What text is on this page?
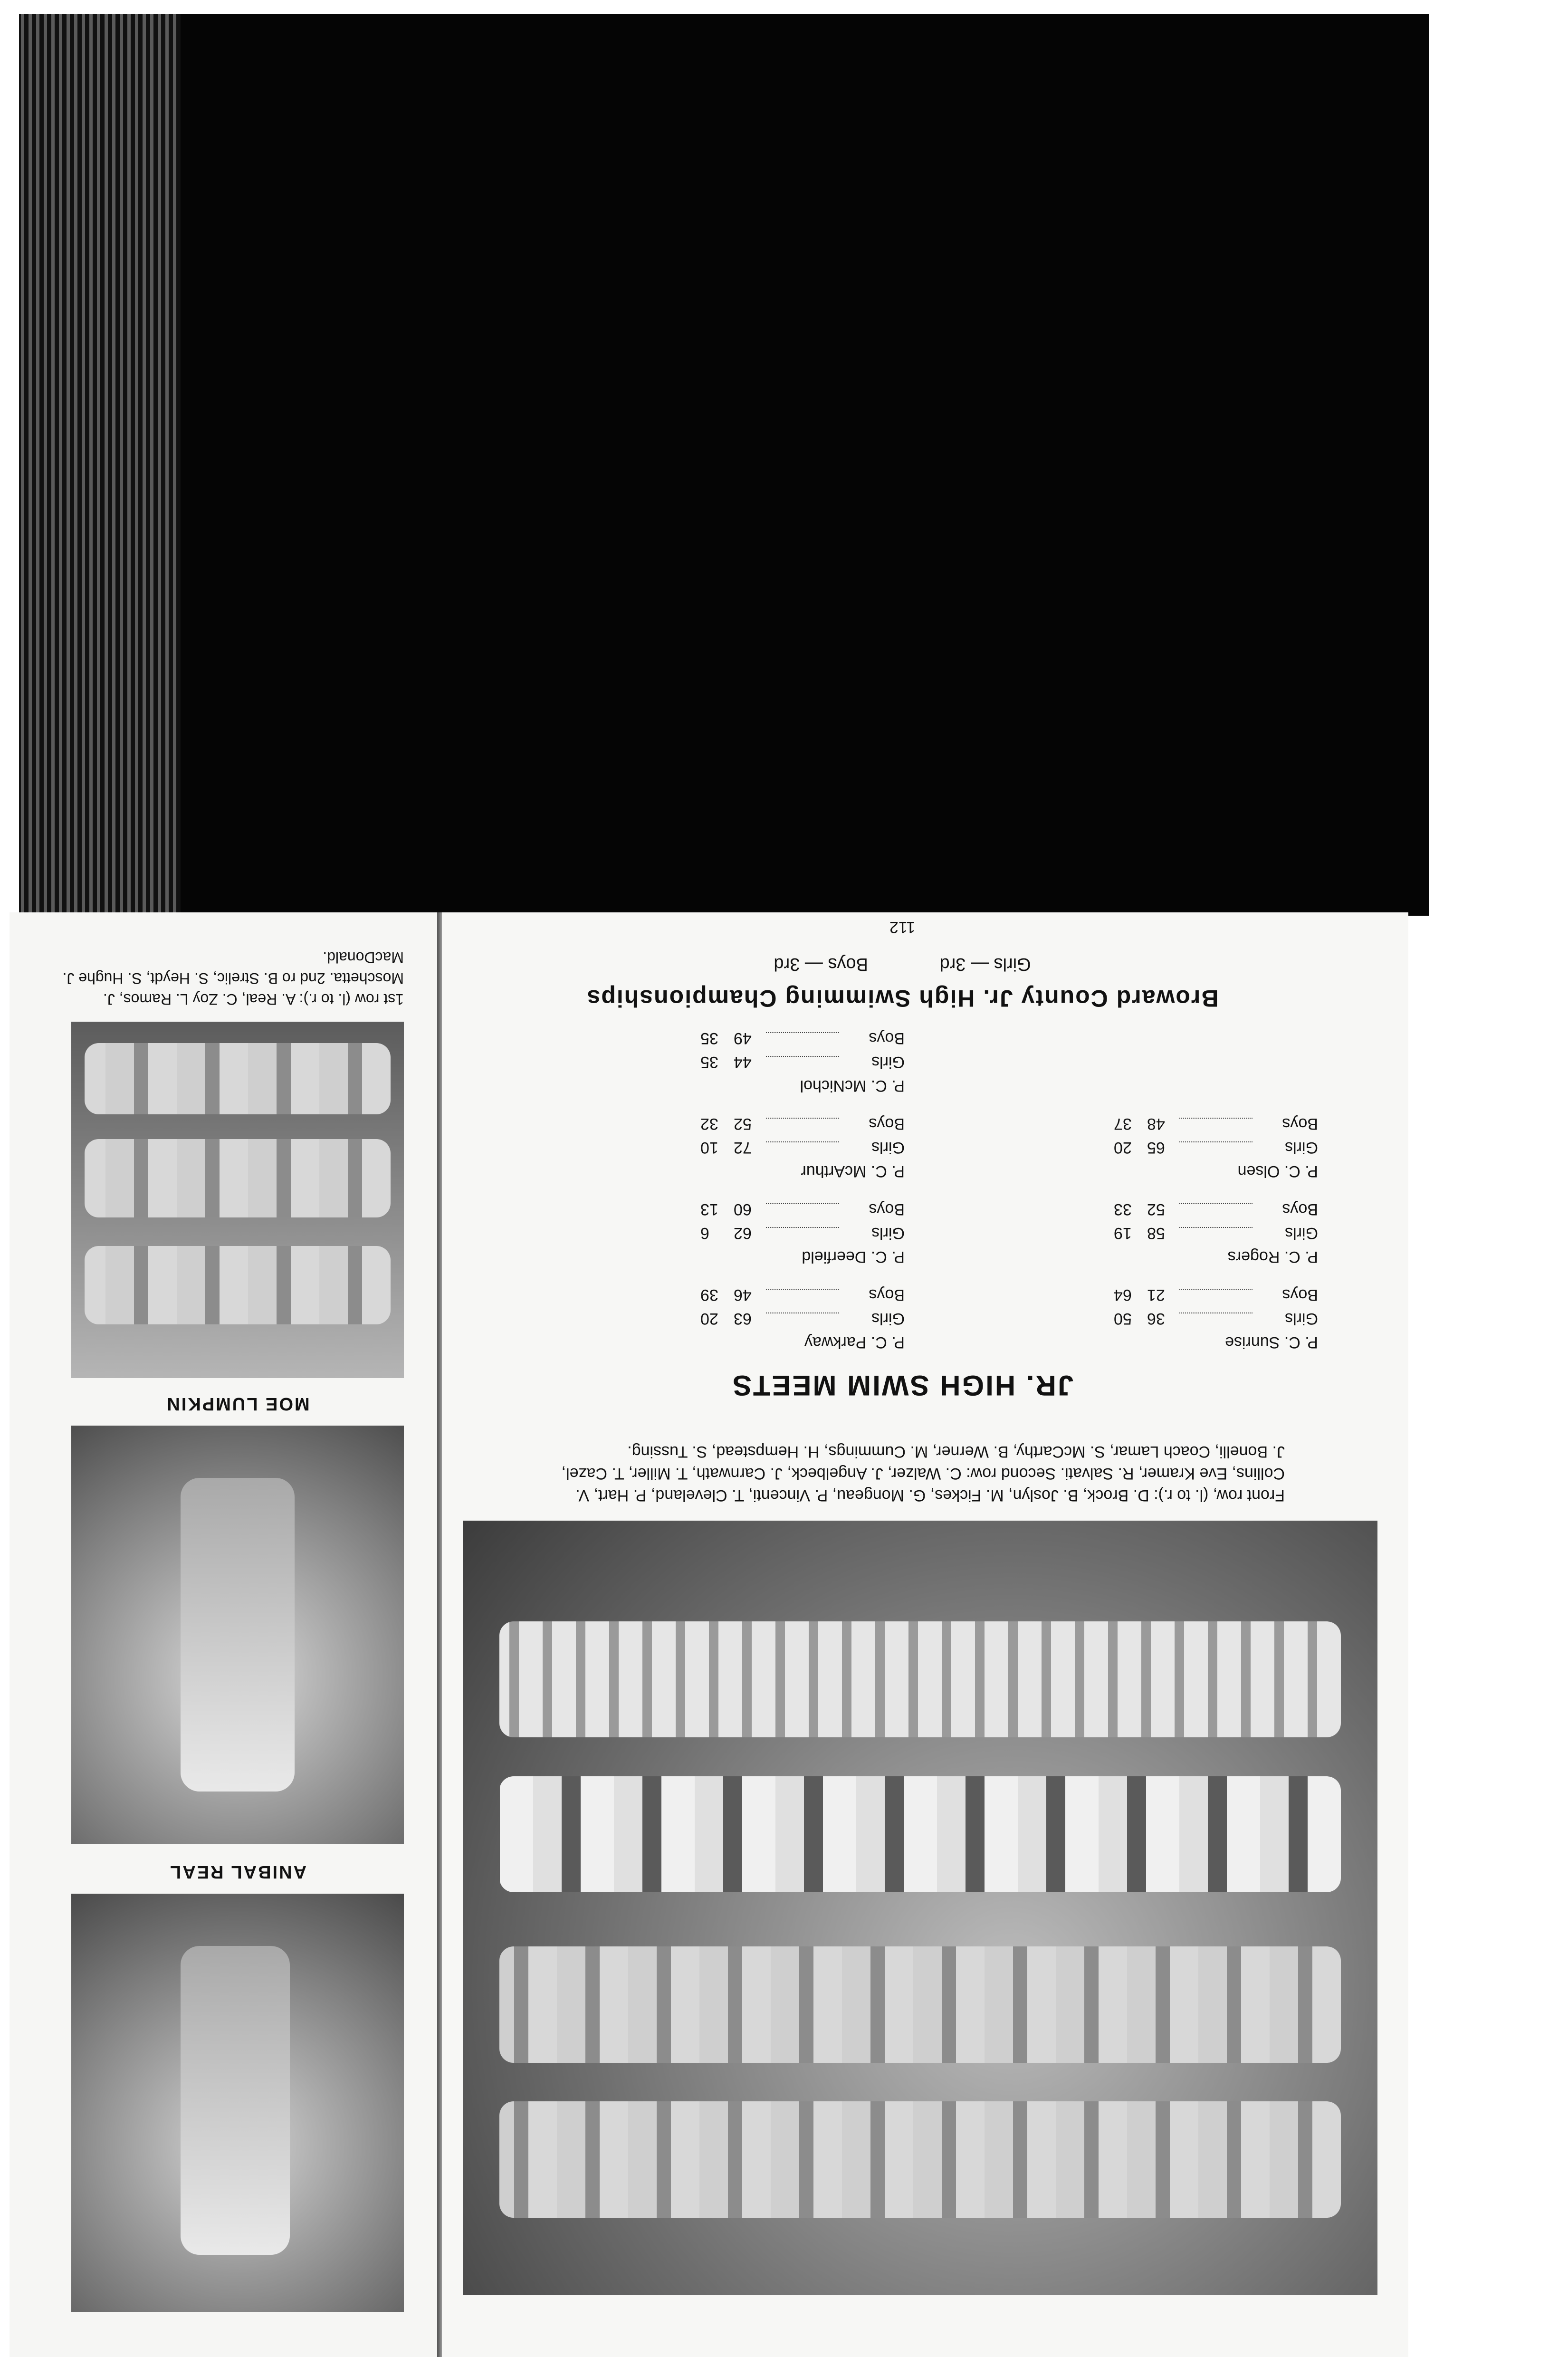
Front row, (l. to r.): D. Brock, B. Joslyn, M. Fickes, G. Mongeau, P. Vincenti, T. Cleveland, P. Hart, V. Collins, Eve Kramer, R. Salvati. Second row: C. Walzer, J. Angelbeck, J. Carnwath, T. Miller, T. Cazel, J. Bonelli, Coach Lamar, S. McCarthy, B. Werner, M. Cummings, H. Hempstead, S. Tussing.
JR. HIGH SWIM MEETS
P. C. Sunrise
Girls
36
50
Boys
21
64
P. C. Rogers
Girls
58
19
Boys
52
33
P. C. Olsen
Girls
65
20
Boys
48
37
P. C. Parkway
Girls
63
20
Boys
46
39
P. C. Deerfield
Girls
62
6
Boys
60
13
P. C. McArthur
Girls
72
10
Boys
52
32
P. C. McNichol
Girls
44
35
Boys
49
35
Broward County Jr. High Swimming Championships
Girls — 3rd Boys — 3rd
112
ANIBAL REAL
MOE LUMPKIN
1st row (l. to r.): A. Real, C. Zoy L. Ramos, J. Moschetta. 2nd ro B. Strelic, S. Heydt, S. Hughe J. MacDonald.
